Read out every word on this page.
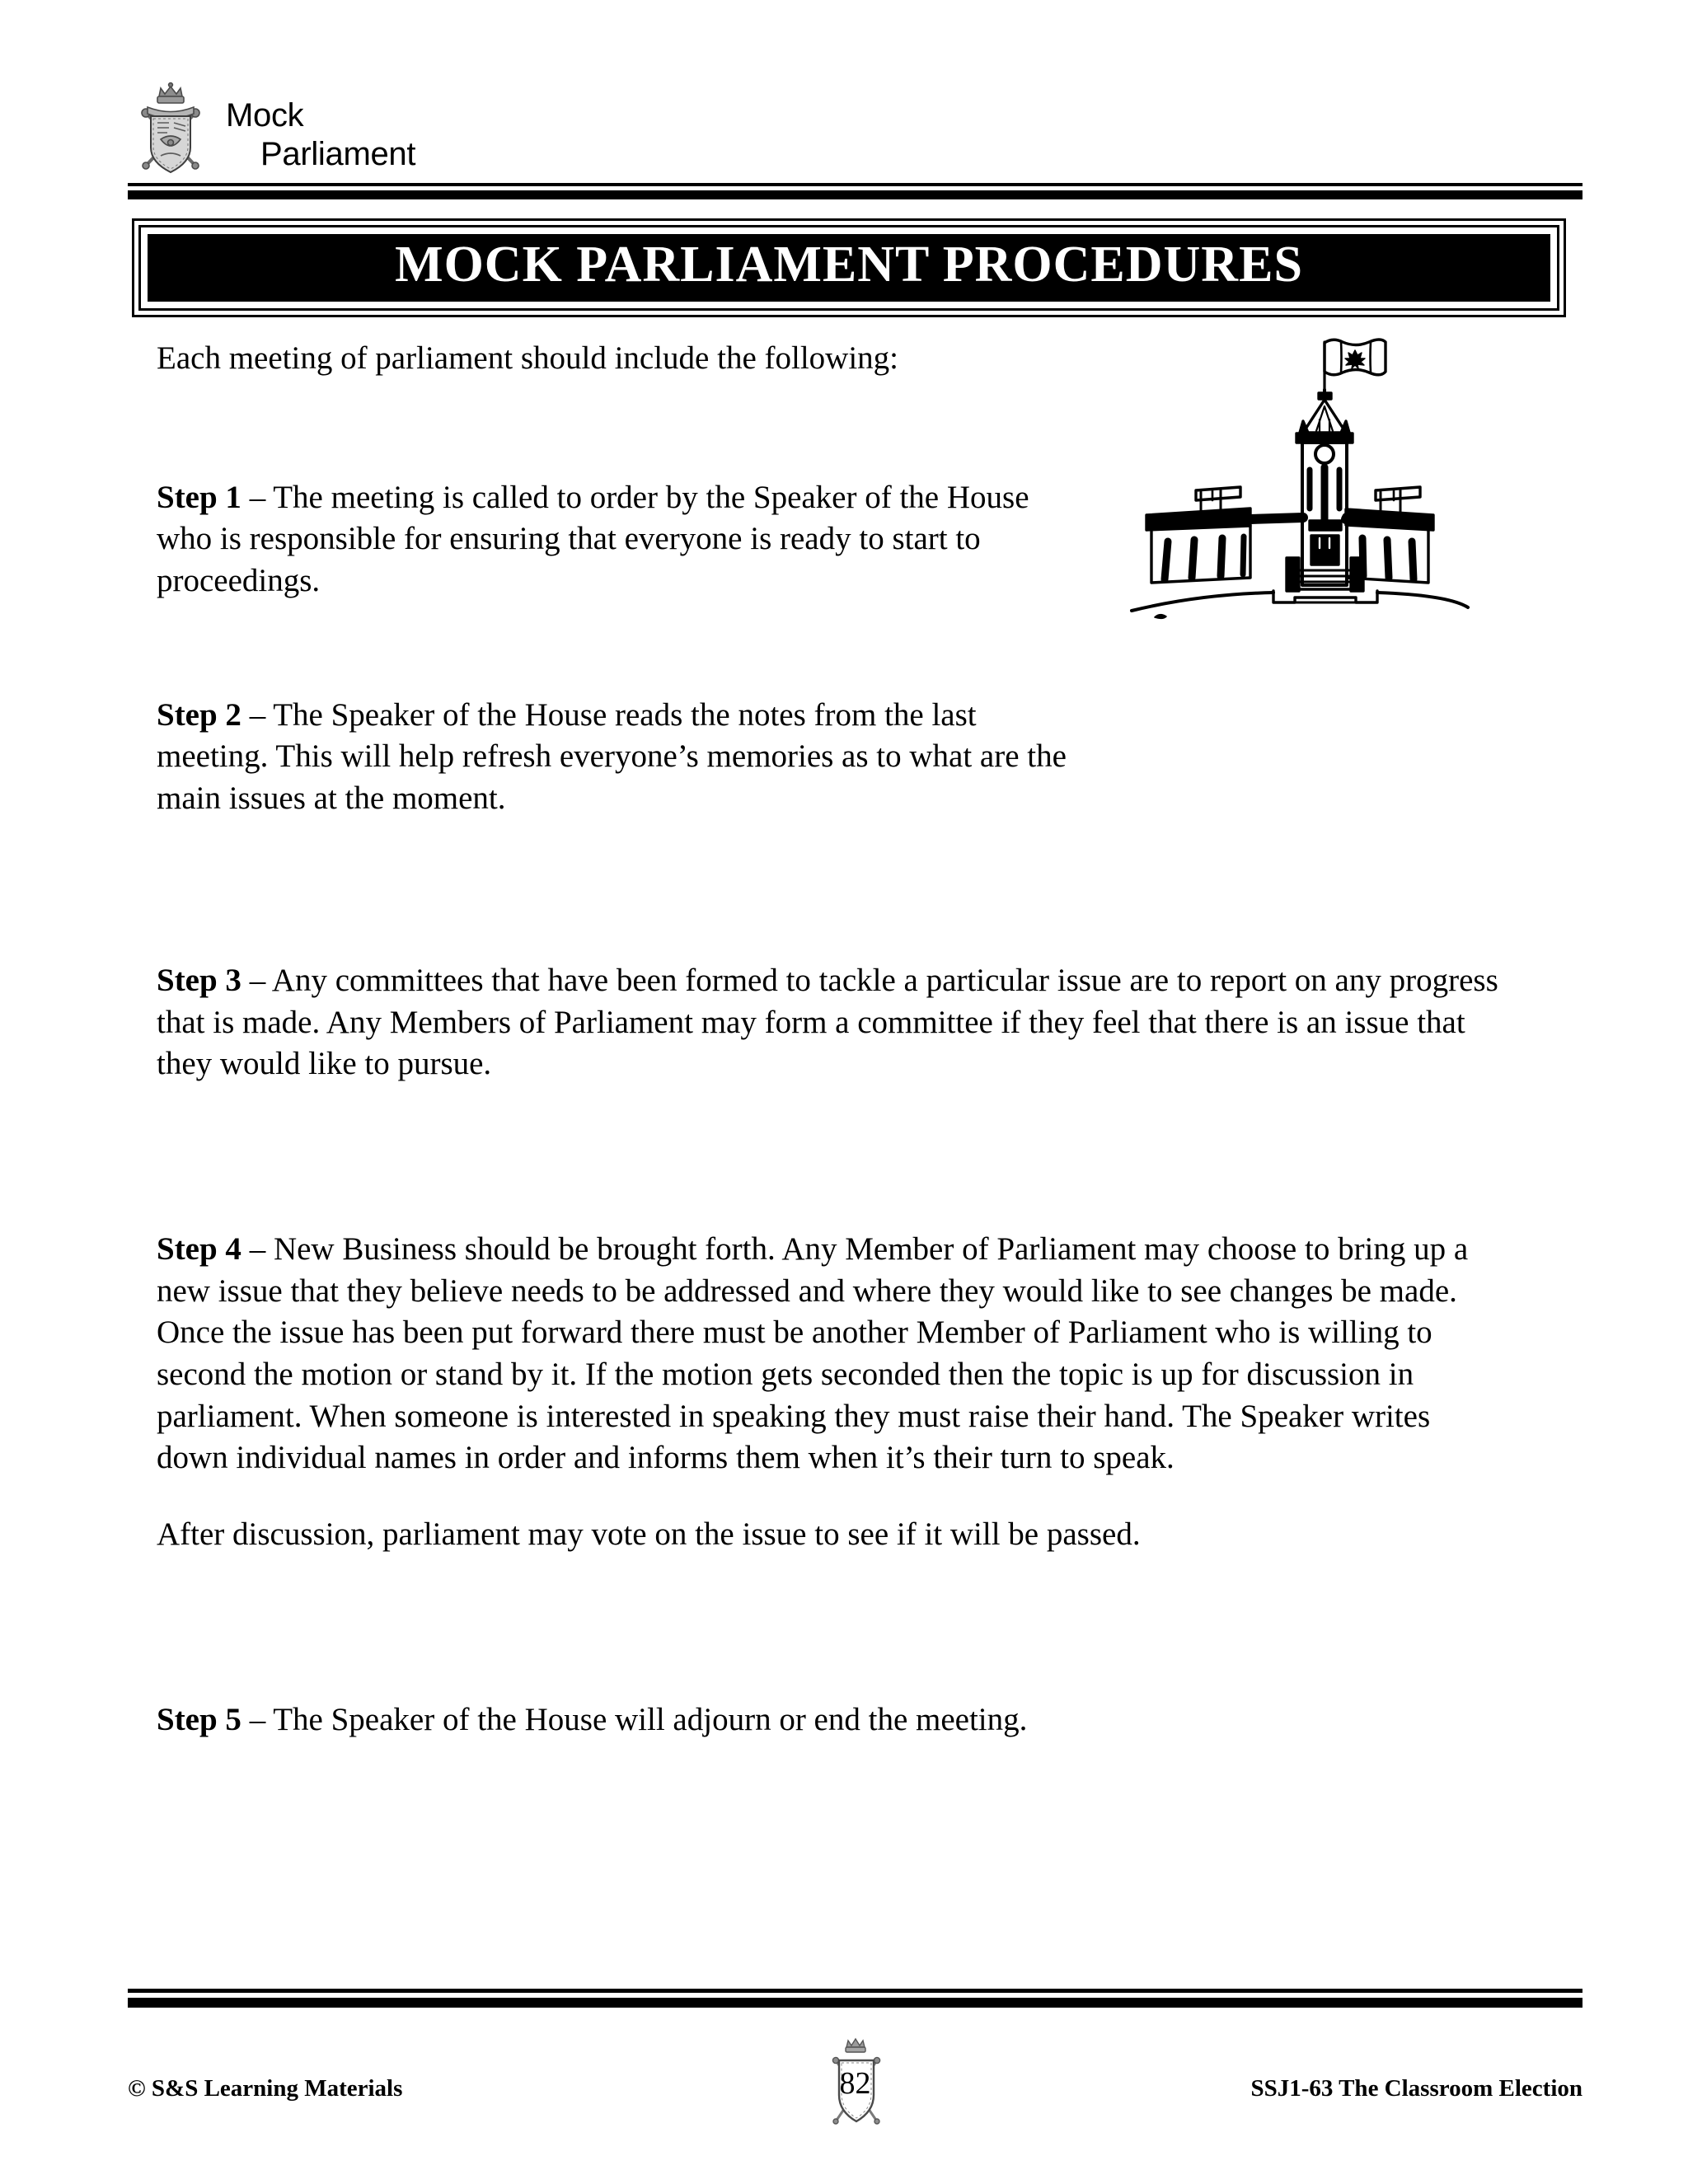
Mock
Parliament
MOCK PARLIAMENT PROCEDURES

Each meeting of parliament should include the following:

Step 1 – The meeting is called to order by the Speaker of the House who is responsible for ensuring that everyone is ready to start to proceedings.

Step 2 – The Speaker of the House reads the notes from the last meeting. This will help refresh everyone’s memories as to what are the main issues at the moment.

Step 3 – Any committees that have been formed to tackle a particular issue are to report on any progress that is made. Any Members of Parliament may form a committee if they feel that there is an issue that they would like to pursue.

Step 4 – New Business should be brought forth. Any Member of Parliament may choose to bring up a new issue that they believe needs to be addressed and where they would like to see changes be made. Once the issue has been put forward there must be another Member of Parliament who is willing to second the motion or stand by it. If the motion gets seconded then the topic is up for discussion in parliament. When someone is interested in speaking they must raise their hand. The Speaker writes down individual names in order and informs them when it’s their turn to speak.

After discussion, parliament may vote on the issue to see if it will be passed.

Step 5 – The Speaker of the House will adjourn or end the meeting.

© S&S Learning Materials	82	SSJ1-63 The Classroom Election
